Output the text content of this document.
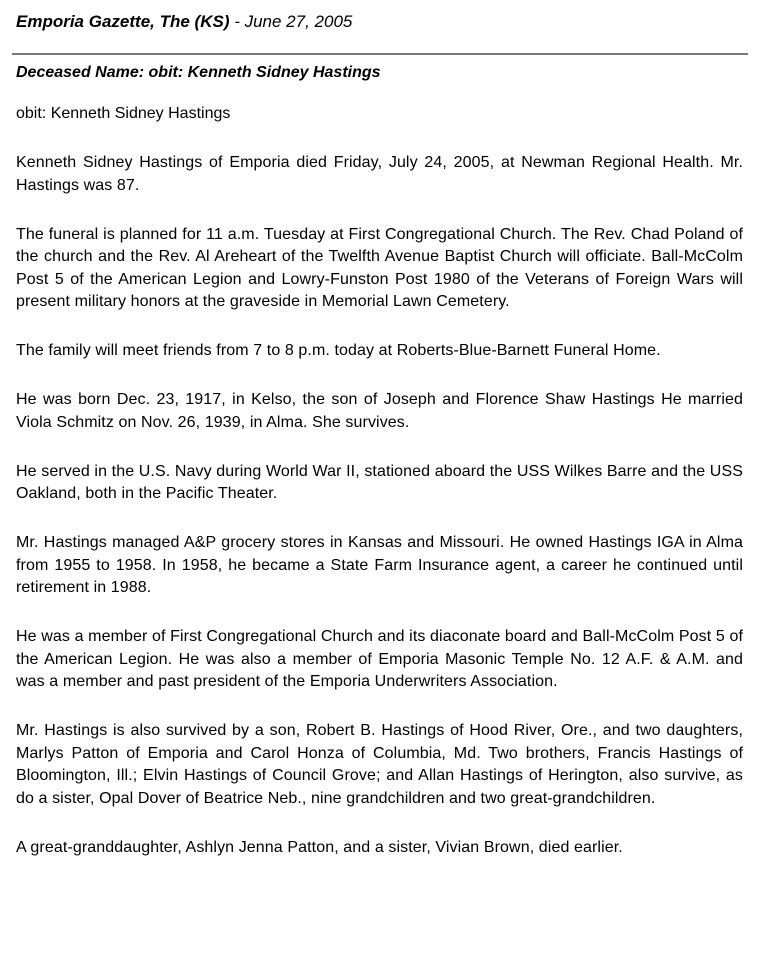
Emporia Gazette, The (KS) - June 27, 2005
Deceased Name: obit: Kenneth Sidney Hastings
obit: Kenneth Sidney Hastings

Kenneth Sidney Hastings of Emporia died Friday, July 24, 2005, at Newman Regional Health. Mr. Hastings was 87.

The funeral is planned for 11 a.m. Tuesday at First Congregational Church. The Rev. Chad Poland of the church and the Rev. Al Areheart of the Twelfth Avenue Baptist Church will officiate. Ball-McColm Post 5 of the American Legion and Lowry-Funston Post 1980 of the Veterans of Foreign Wars will present military honors at the graveside in Memorial Lawn Cemetery.

The family will meet friends from 7 to 8 p.m. today at Roberts-Blue-Barnett Funeral Home.

He was born Dec. 23, 1917, in Kelso, the son of Joseph and Florence Shaw Hastings He married Viola Schmitz on Nov. 26, 1939, in Alma. She survives.

He served in the U.S. Navy during World War II, stationed aboard the USS Wilkes Barre and the USS Oakland, both in the Pacific Theater.

Mr. Hastings managed A&P grocery stores in Kansas and Missouri. He owned Hastings IGA in Alma from 1955 to 1958. In 1958, he became a State Farm Insurance agent, a career he continued until retirement in 1988.

He was a member of First Congregational Church and its diaconate board and Ball-McColm Post 5 of the American Legion. He was also a member of Emporia Masonic Temple No. 12 A.F. & A.M. and was a member and past president of the Emporia Underwriters Association.

Mr. Hastings is also survived by a son, Robert B. Hastings of Hood River, Ore., and two daughters, Marlys Patton of Emporia and Carol Honza of Columbia, Md. Two brothers, Francis Hastings of Bloomington, Ill.; Elvin Hastings of Council Grove; and Allan Hastings of Herington, also survive, as do a sister, Opal Dover of Beatrice Neb., nine grandchildren and two great-grandchildren.

A great-granddaughter, Ashlyn Jenna Patton, and a sister, Vivian Brown, died earlier.
